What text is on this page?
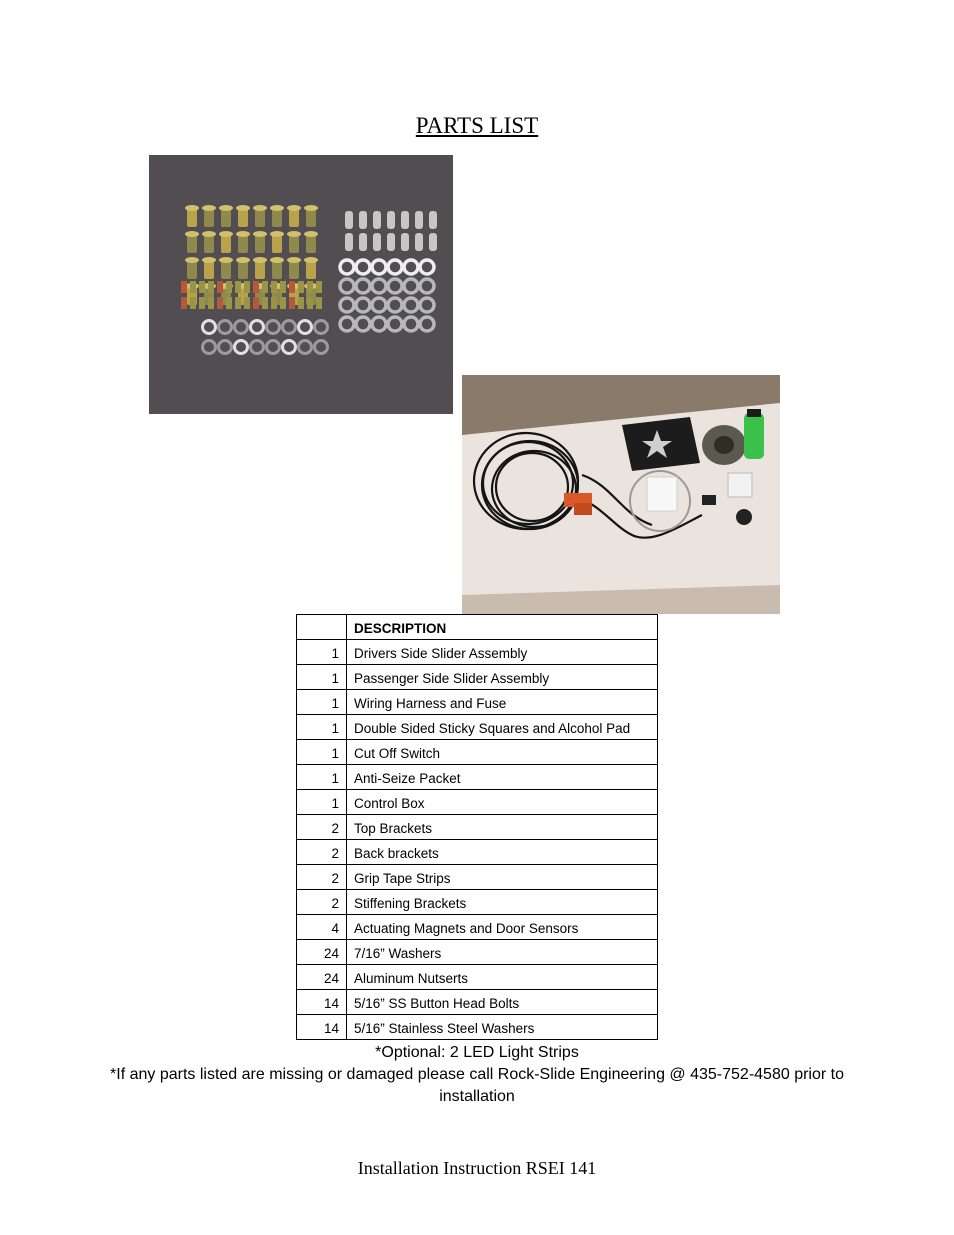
PARTS LIST
	DESCRIPTION
1	Drivers Side Slider Assembly
1	Passenger Side Slider Assembly
1	Wiring Harness and Fuse
1	Double Sided Sticky Squares and Alcohol Pad
1	Cut Off Switch
1	Anti-Seize Packet
1	Control Box
2	Top Brackets
2	Back brackets
2	Grip Tape Strips
2	Stiffening Brackets
4	Actuating Magnets and Door Sensors
24	7/16” Washers
24	Aluminum Nutserts
14	5/16” SS Button Head Bolts
14	5/16” Stainless Steel Washers
*Optional: 2 LED Light Strips
*If any parts listed are missing or damaged please call Rock-Slide Engineering @ 435-752-4580 prior to installation
Installation Instruction RSEI 141
